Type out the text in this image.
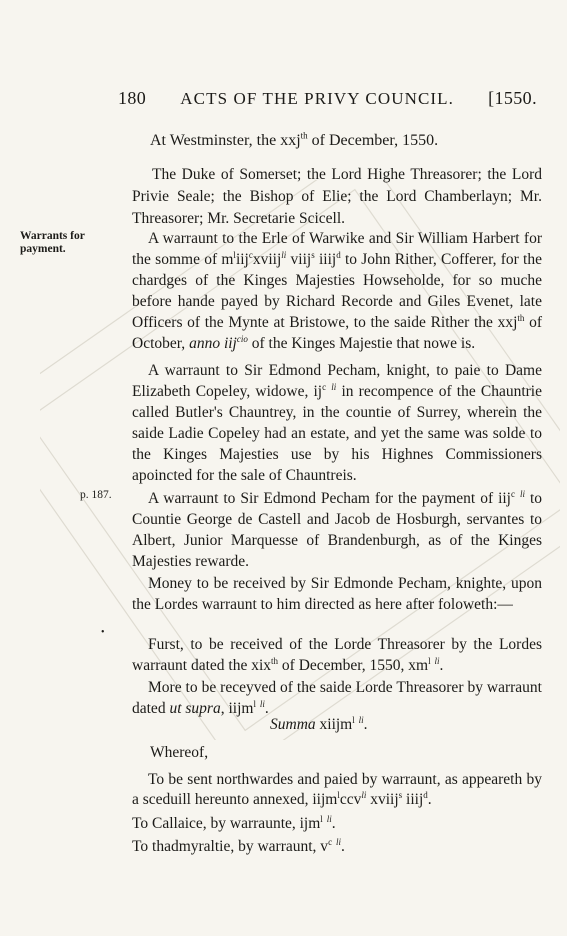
180 ACTS OF THE PRIVY COUNCIL. [1550.
At Westminster, the xxj$^{th}$ of December, 1550.
The Duke of Somerset; the Lord Highe Threasorer; the Lord Privie Seale; the Bishop of Elie; the Lord Chamberlayn; Mr. Threasorer; Mr. Secretarie Scicell.
Warrants for payment.

A warraunt to the Erle of Warwike and Sir William Harbert for the somme of $m^liij^cxviij^{li}$ viij$^s$ iiij$^d$ to John Rither, Cofferer, for the chardges of the Kinges Majesties Howseholde, for so muche before hande payed by Richard Recorde and Giles Evenet, late Officers of the Mynte at Bristowe, to the saide Rither the xxj$^{th}$ of October, anno iij$^{cio}$ of the Kinges Majestie that nowe is.

A warraunt to Sir Edmond Pecham, knight, to paie to Dame Elizabeth Copeley, widowe, $ij^c$ $^{li}$ in recompence of the Chauntrie called Butler's Chauntrey, in the countie of Surrey, wherein the saide Ladie Copeley had an estate, and yet the same was solde to the Kinges Majesties use by his Highnes Commissioners apoincted for the sale of Chauntreis.

p. 187.	A warraunt to Sir Edmond Pecham for the payment of iij$^c$ $^{li}$ to Countie George de Castell and Jacob de Hosburgh, servantes to Albert, Junior Marquesse of Brandenburgh, as of the Kinges Majesties rewarde.

Money to be received by Sir Edmonde Pecham, knighte, upon the Lordes warraunt to him directed as here after foloweth:—

•

Furst, to be received of the Lorde Threasorer by the Lordes warraunt dated the xix$^{th}$ of December, 1550, $xm^l$ $^{li}$.

More to be receyved of the saide Lorde Threasorer by warraunt dated ut supra, iijm$^l$ $^{li}$.

Summa xiijm$^l$ $^{li}$.
Whereof,

To be sent northwardes and paied by warraunt, as appeareth by a sceduill hereunto annexed, iijm$^l$ccv$^{li}$ xviij$^s$ iiij$^d$.

To Callaice, by warraunte, ijm$^l$ $^{li}$.
To thadmyraltie, by warraunt, $v^c$ $^{li}$.
